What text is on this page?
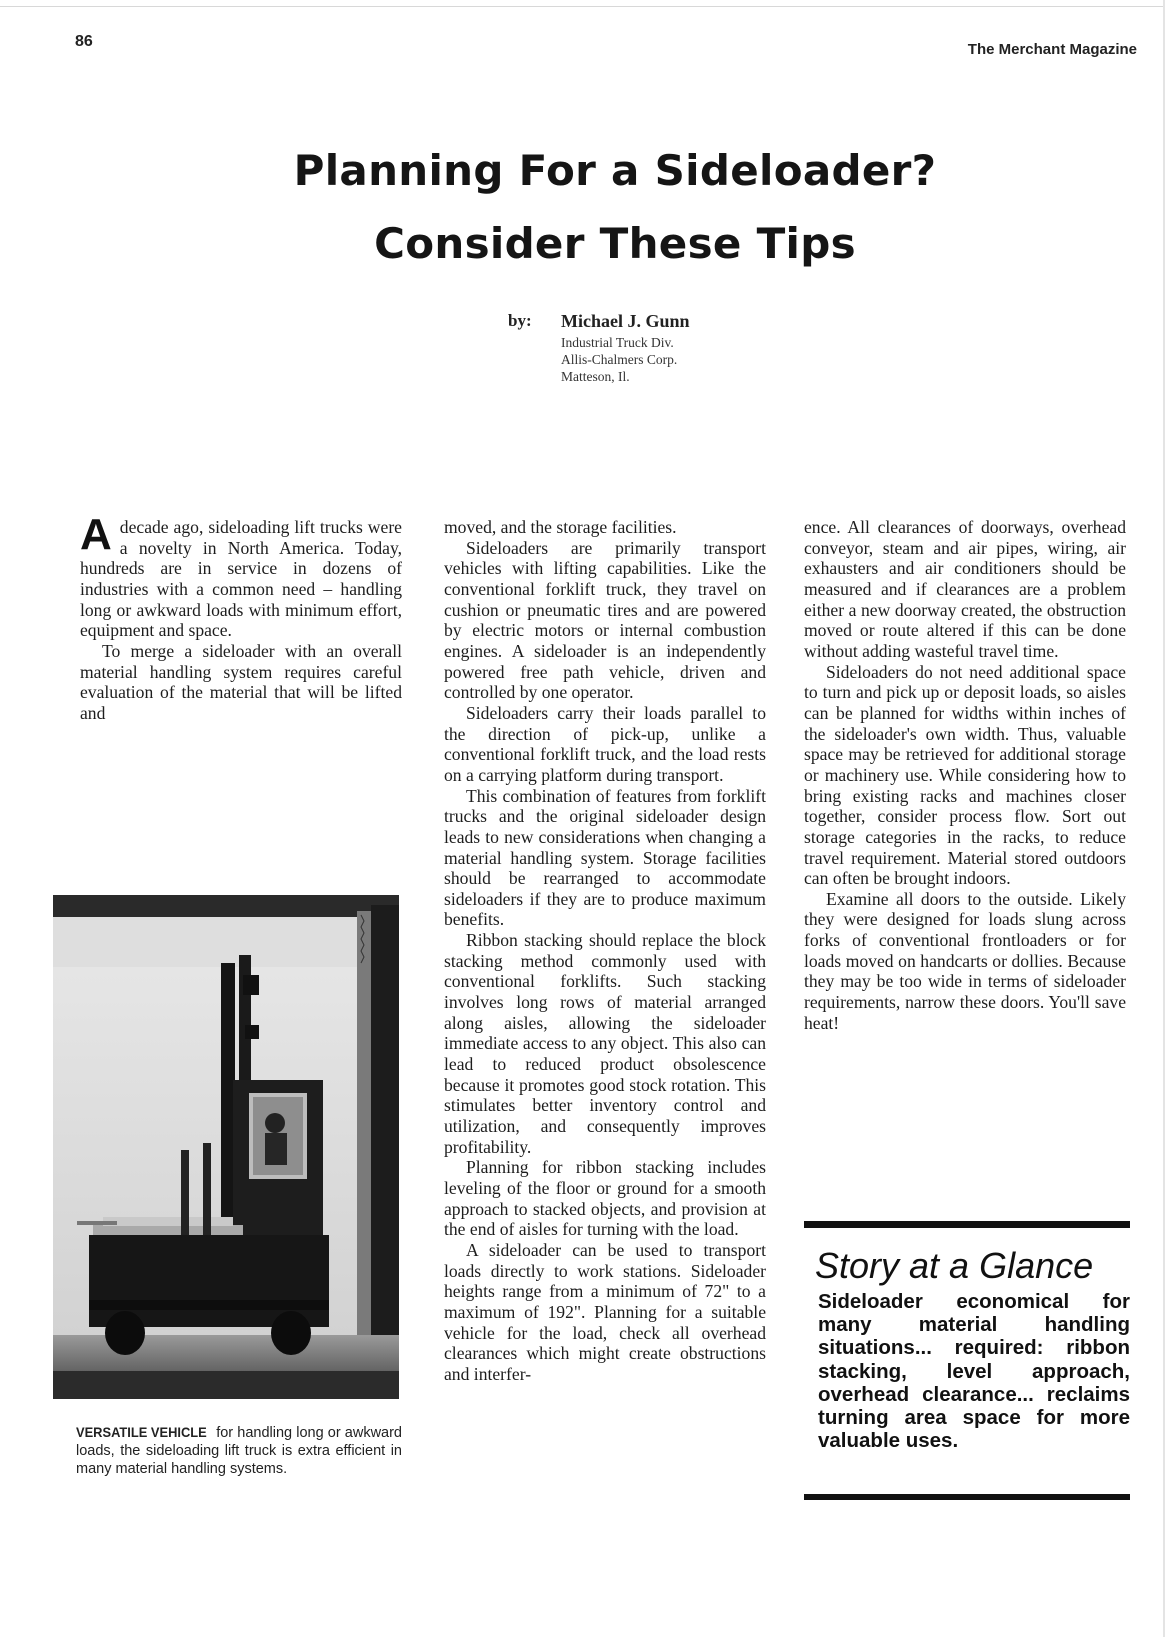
86	The Merchant Magazine
Planning For a Sideloader?
Consider These Tips
by: Michael J. Gunn
Industrial Truck Div.
Allis-Chalmers Corp.
Matteson, Il.

A decade ago, sideloading lift trucks were a novelty in North America. Today, hundreds are in service in dozens of industries with a common need – handling long or awkward loads with minimum effort, equipment and space.

To merge a sideloader with an overall material handling system requires careful evaluation of the material that will be lifted and

moved, and the storage facilities.

Sideloaders are primarily transport vehicles with lifting capabilities. Like the conventional forklift truck, they travel on cushion or pneumatic tires and are powered by electric motors or internal combustion engines. A sideloader is an independently powered free path vehicle, driven and controlled by one operator.

Sideloaders carry their loads parallel to the direction of pick-up, unlike a conventional forklift truck, and the load rests on a carrying platform during transport.

This combination of features from forklift trucks and the original sideloader design leads to new considerations when changing a material handling system. Storage facilities should be rearranged to accommodate sideloaders if they are to produce maximum benefits.

Ribbon stacking should replace the block stacking method commonly used with conventional forklifts. Such stacking involves long rows of material arranged along aisles, allowing the sideloader immediate access to any object. This also can lead to reduced product obsolescence because it promotes good stock rotation. This stimulates better inventory control and utilization, and consequently improves profitability.

Planning for ribbon stacking includes leveling of the floor or ground for a smooth approach to stacked objects, and provision at the end of aisles for turning with the load.

A sideloader can be used to transport loads directly to work stations. Sideloader heights range from a minimum of 72" to a maximum of 192". Planning for a suitable vehicle for the load, check all overhead clearances which might create obstructions and interfer-

ence. All clearances of doorways, overhead conveyor, steam and air pipes, wiring, air exhausters and air conditioners should be measured and if clearances are a problem either a new doorway created, the obstruction moved or route altered if this can be done without adding wasteful travel time.

Sideloaders do not need additional space to turn and pick up or deposit loads, so aisles can be planned for widths within inches of the sideloader's own width. Thus, valuable space may be retrieved for additional storage or machinery use. While considering how to bring existing racks and machines closer together, consider process flow. Sort out storage categories in the racks, to reduce travel requirement. Material stored outdoors can often be brought indoors.

Examine all doors to the outside. Likely they were designed for loads slung across forks of conventional frontloaders or for loads moved on handcarts or dollies. Because they may be too wide in terms of sideloader requirements, narrow these doors. You'll save heat!

VERSATILE VEHICLE for handling long or awkward loads, the sideloading lift truck is extra efficient in many material handling systems.
Story at a Glance
Sideloader economical for many material handling situations... required: ribbon stacking, level approach, overhead clearance... reclaims turning area space for more valuable uses.
